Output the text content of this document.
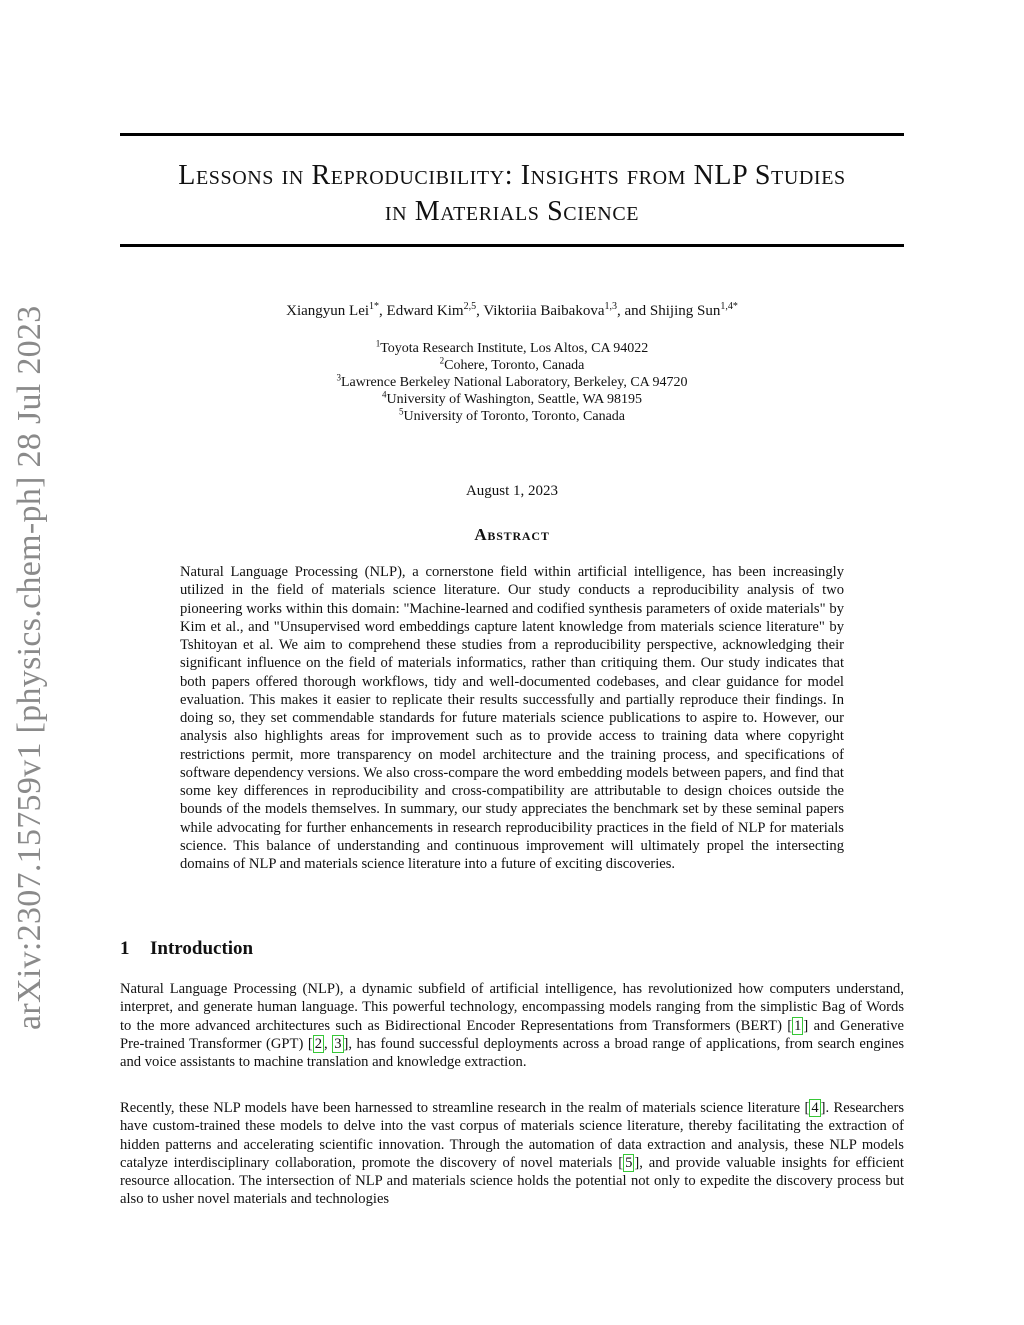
arXiv:2307.15759v1 [physics.chem-ph] 28 Jul 2023
Lessons in Reproducibility: Insights from NLP Studies
in Materials Science
Xiangyun Lei$^{1*}$, Edward Kim$^{2,5}$, Viktoriia Baibakova$^{1,3}$, and Shijing Sun$^{1,4*}$
$^1$Toyota Research Institute, Los Altos, CA 94022
$^2$Cohere, Toronto, Canada
$^3$Lawrence Berkeley National Laboratory, Berkeley, CA 94720
$^4$University of Washington, Seattle, WA 98195
$^5$University of Toronto, Toronto, Canada
August 1, 2023
Abstract
Natural Language Processing (NLP), a cornerstone field within artificial intelligence, has been increasingly utilized in the field of materials science literature. Our study conducts a reproducibility analysis of two pioneering works within this domain: "Machine-learned and codified synthesis parameters of oxide materials" by Kim et al., and "Unsupervised word embeddings capture latent knowledge from materials science literature" by Tshitoyan et al. We aim to comprehend these studies from a reproducibility perspective, acknowledging their significant influence on the field of materials informatics, rather than critiquing them. Our study indicates that both papers offered thorough workflows, tidy and well-documented codebases, and clear guidance for model evaluation. This makes it easier to replicate their results successfully and partially reproduce their findings. In doing so, they set commendable standards for future materials science publications to aspire to. However, our analysis also highlights areas for improvement such as to provide access to training data where copyright restrictions permit, more transparency on model architecture and the training process, and specifications of software dependency versions. We also cross-compare the word embedding models between papers, and find that some key differences in reproducibility and cross-compatibility are attributable to design choices outside the bounds of the models themselves. In summary, our study appreciates the benchmark set by these seminal papers while advocating for further enhancements in research reproducibility practices in the field of NLP for materials science. This balance of understanding and continuous improvement will ultimately propel the intersecting domains of NLP and materials science literature into a future of exciting discoveries.
1 Introduction
Natural Language Processing (NLP), a dynamic subfield of artificial intelligence, has revolutionized how computers understand, interpret, and generate human language. This powerful technology, encompassing models ranging from the simplistic Bag of Words to the more advanced architectures such as Bidirectional Encoder Representations from Transformers (BERT) [ 1 ] and Generative Pre-trained Transformer (GPT) [ 2 , 3 ], has found successful deployments across a broad range of applications, from search engines and voice assistants to machine translation and knowledge extraction.
Recently, these NLP models have been harnessed to streamline research in the realm of materials science literature [ 4 ]. Researchers have custom-trained these models to delve into the vast corpus of materials science literature, thereby facilitating the extraction of hidden patterns and accelerating scientific innovation. Through the automation of data extraction and analysis, these NLP models catalyze interdisciplinary collaboration, promote the discovery of novel materials [ 5 ], and provide valuable insights for efficient resource allocation. The intersection of NLP and materials science holds the potential not only to expedite the discovery process but also to usher novel materials and technologies
